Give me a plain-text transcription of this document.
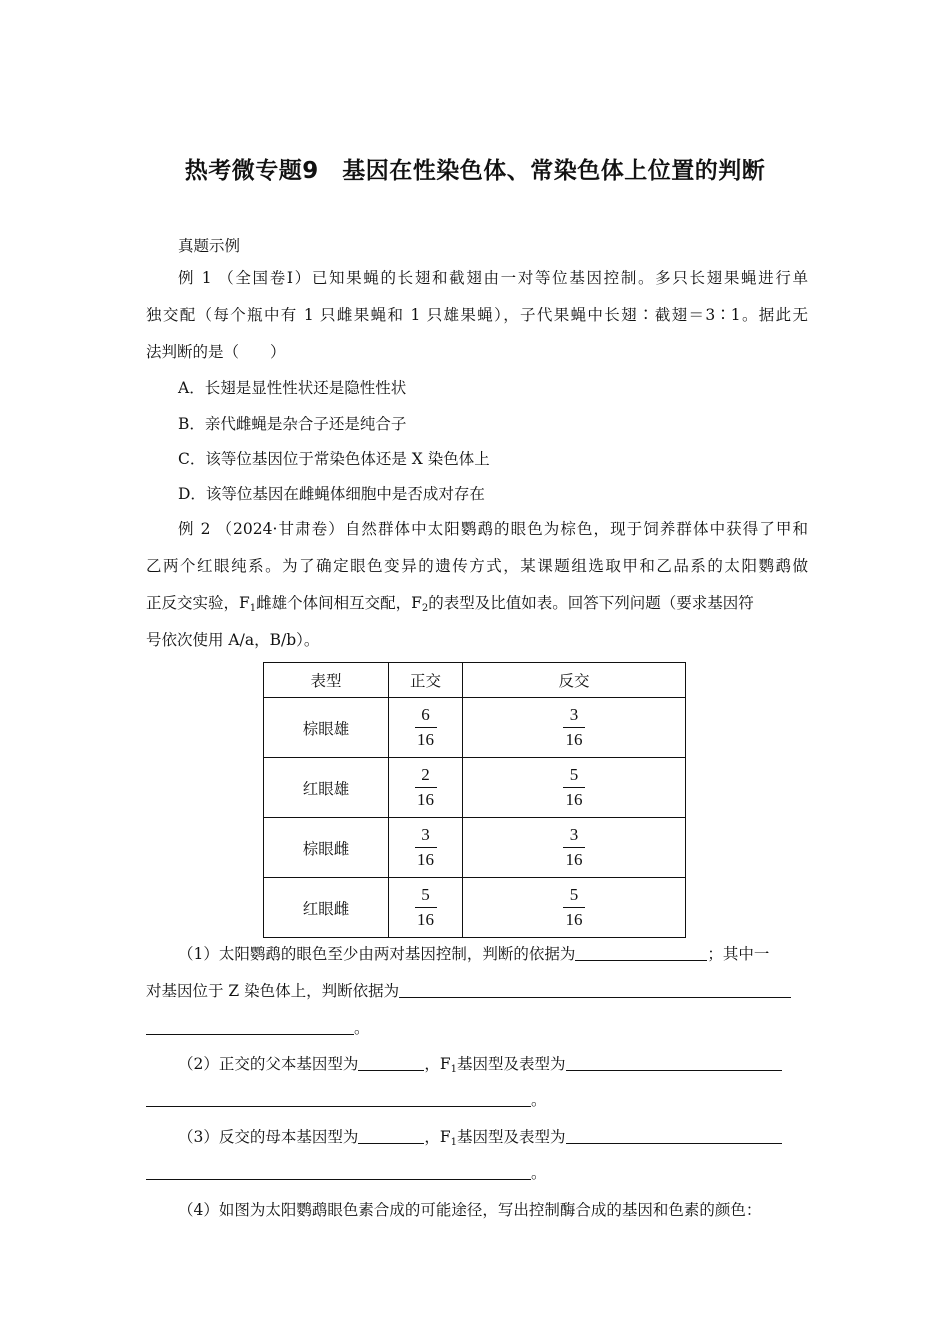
热考微专题9　基因在性染色体、常染色体上位置的判断
真题示例
例 1 （全国卷Ⅰ）已知果蝇的长翅和截翅由一对等位基因控制。多只长翅果蝇进行单
独交配（每个瓶中有 1 只雌果蝇和 1 只雄果蝇），子代果蝇中长翅∶截翅＝3∶1。据此无
法判断的是（　　）
A．长翅是显性性状还是隐性性状
B．亲代雌蝇是杂合子还是纯合子
C．该等位基因位于常染色体还是 X 染色体上
D．该等位基因在雌蝇体细胞中是否成对存在
例 2 （2024·甘肃卷）自然群体中太阳鹦鹉的眼色为棕色，现于饲养群体中获得了甲和
乙两个红眼纯系。为了确定眼色变异的遗传方式，某课题组选取甲和乙品系的太阳鹦鹉做
正反交实验，$F_1$雌雄个体间相互交配，$F_2$的表型及比值如表。回答下列问题（要求基因符
号依次使用 A/a，B/b）。
表型	正交	反交
棕眼雄	$\frac{6}{16}$	$\frac{3}{16}$

红眼雄	$\frac{2}{16}$	$\frac{5}{16}$

棕眼雌	$\frac{3}{16}$	$\frac{3}{16}$

红眼雌	$\frac{5}{16}$	$\frac{5}{16}$
（1）太阳鹦鹉的眼色至少由两对基因控制，判断的依据为	；其中一
对基因位于 Z 染色体上，判断依据为
。
（2）正交的父本基因型为	，$F_1$基因型及表型为
。
（3）反交的母本基因型为	，$F_1$基因型及表型为
。
（4）如图为太阳鹦鹉眼色素合成的可能途径，写出控制酶合成的基因和色素的颜色：
